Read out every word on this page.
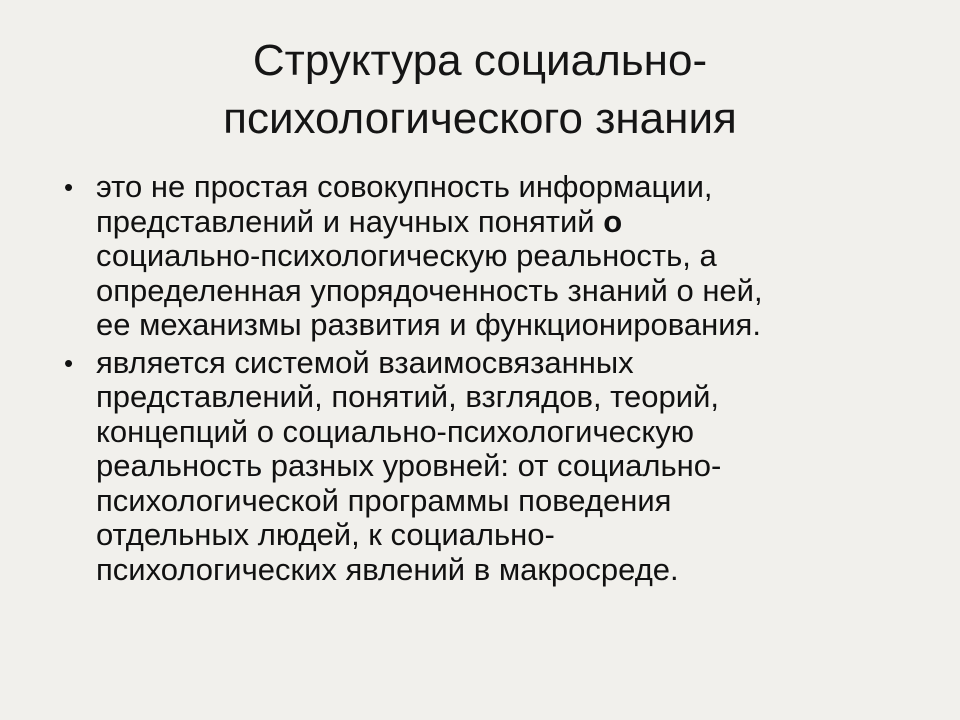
Структура социально-
психологического знания
• это не простая совокупность информации,
представлений и научных понятий о
социально-психологическую реальность, а
определенная упорядоченность знаний о ней,
ее механизмы развития и функционирования.
• является системой взаимосвязанных
представлений, понятий, взглядов, теорий,
концепций о социально-психологическую
реальность разных уровней: от социально-
психологической программы поведения
отдельных людей, к социально-
психологических явлений в макросреде.
